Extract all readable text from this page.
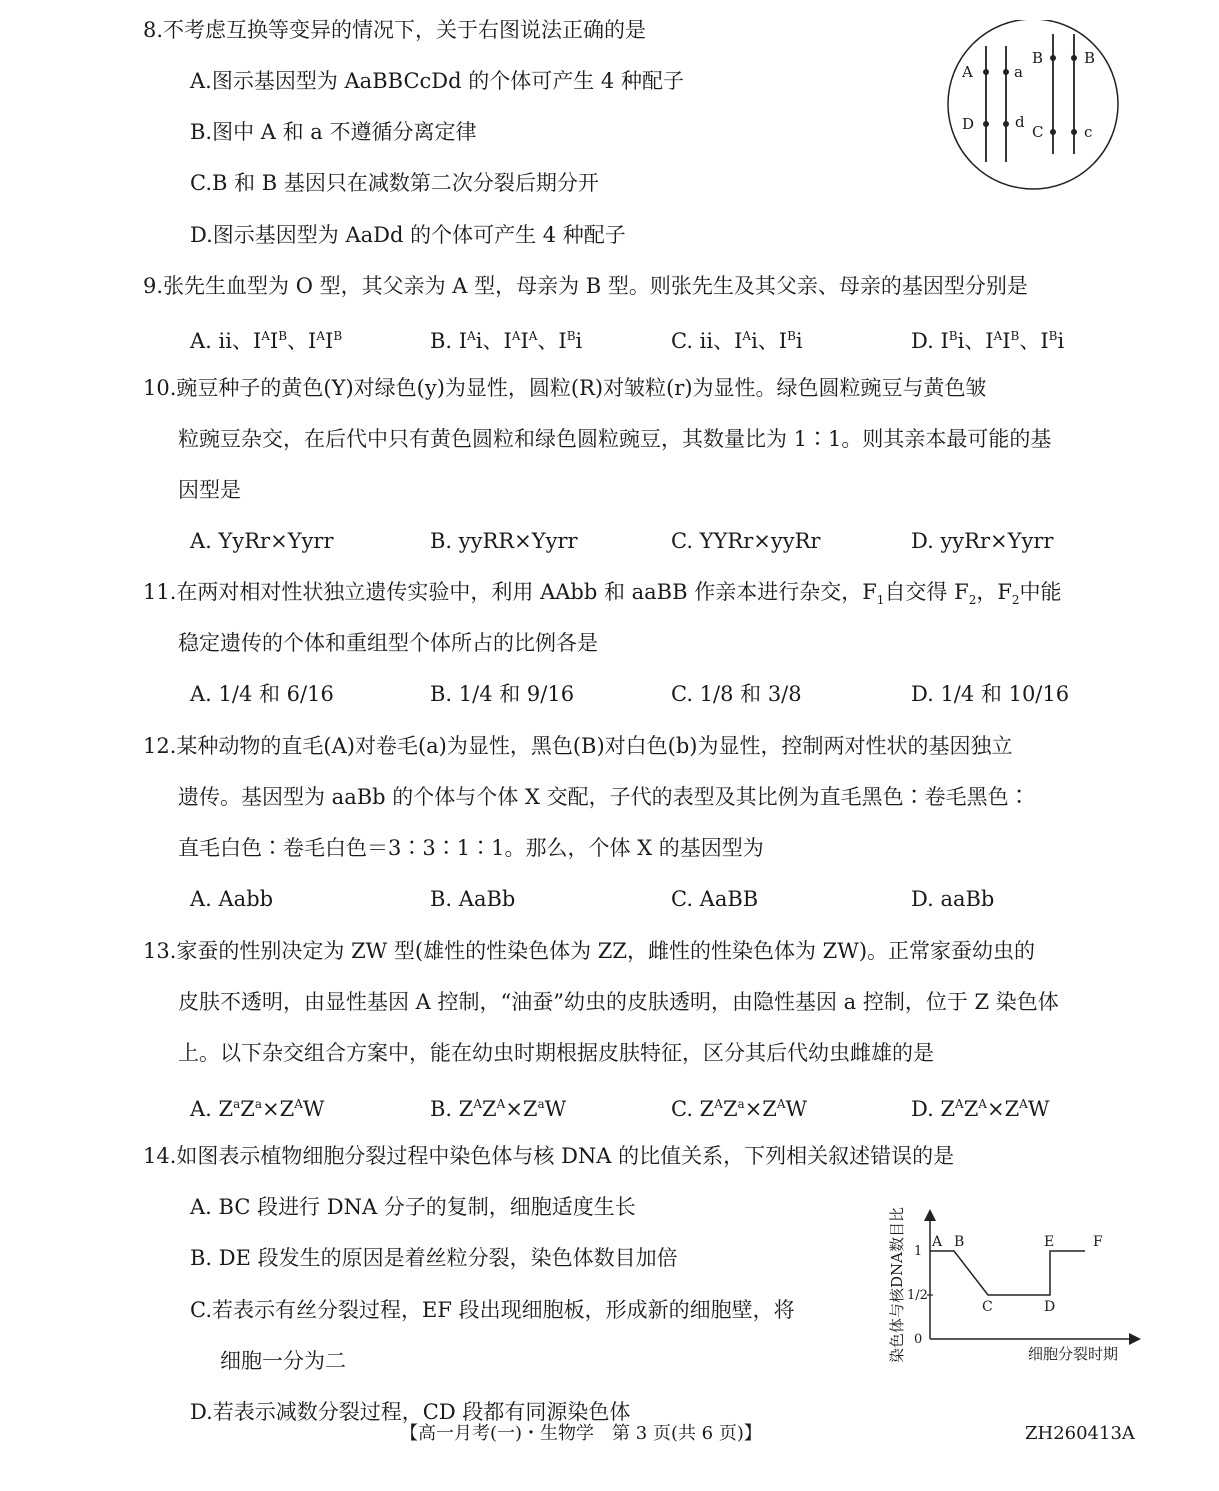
8.不考虑互换等变异的情况下，关于右图说法正确的是
A.图示基因型为 AaBBCcDd 的个体可产生 4 种配子
B.图中 A 和 a 不遵循分离定律
C.B 和 B 基因只在减数第二次分裂后期分开
D.图示基因型为 AaDd 的个体可产生 4 种配子
A	a
B	B
D	d
C	c
9.张先生血型为 O 型，其父亲为 A 型，母亲为 B 型。则张先生及其父亲、母亲的基因型分别是
A. ii、$I^AI^B$、$I^AI^B$	B. $I^Ai$、$I^AI^A$、$I^Bi$	C. ii、$I^Ai$、$I^Bi$	D. $I^Bi$、$I^AI^B$、$I^Bi$
10.豌豆种子的黄色(Y)对绿色(y)为显性，圆粒(R)对皱粒(r)为显性。绿色圆粒豌豆与黄色皱
粒豌豆杂交，在后代中只有黄色圆粒和绿色圆粒豌豆，其数量比为 1∶1。则其亲本最可能的基
因型是
A. YyRr×Yyrr	B. yyRR×Yyrr	C. YYRr×yyRr	D. yyRr×Yyrr
11.在两对相对性状独立遗传实验中，利用 AAbb 和 aaBB 作亲本进行杂交，$F_1$自交得 $F_2$，$F_2$中能
稳定遗传的个体和重组型个体所占的比例各是
A. 1/4 和 6/16	B. 1/4 和 9/16	C. 1/8 和 3/8	D. 1/4 和 10/16
12.某种动物的直毛(A)对卷毛(a)为显性，黑色(B)对白色(b)为显性，控制两对性状的基因独立
遗传。基因型为 aaBb 的个体与个体 X 交配，子代的表型及其比例为直毛黑色∶卷毛黑色∶
直毛白色∶卷毛白色＝3∶3∶1∶1。那么，个体 X 的基因型为
A. Aabb	B. AaBb	C. AaBB	D. aaBb
13.家蚕的性别决定为 ZW 型(雄性的性染色体为 ZZ，雌性的性染色体为 ZW)。正常家蚕幼虫的
皮肤不透明，由显性基因 A 控制，“油蚕”幼虫的皮肤透明，由隐性基因 a 控制，位于 Z 染色体
上。以下杂交组合方案中，能在幼虫时期根据皮肤特征，区分其后代幼虫雌雄的是
A. $Z^aZ^a\times Z^AW$	B. $Z^AZ^A\times Z^aW$	C. $Z^AZ^a\times Z^AW$	D. $Z^AZ^A\times Z^AW$
14.如图表示植物细胞分裂过程中染色体与核 DNA 的比值关系，下列相关叙述错误的是
A. BC 段进行 DNA 分子的复制，细胞适度生长
B. DE 段发生的原因是着丝粒分裂，染色体数目加倍
C.若表示有丝分裂过程，EF 段出现细胞板，形成新的细胞壁，将
细胞一分为二
D.若表示减数分裂过程，CD 段都有同源染色体
染色体与核DNA数目比	细胞分裂时期
0
1/2
1
A B
C	D
E	F
【高一月考(一)・生物学　第 3 页(共 6 页)】	ZH260413A
